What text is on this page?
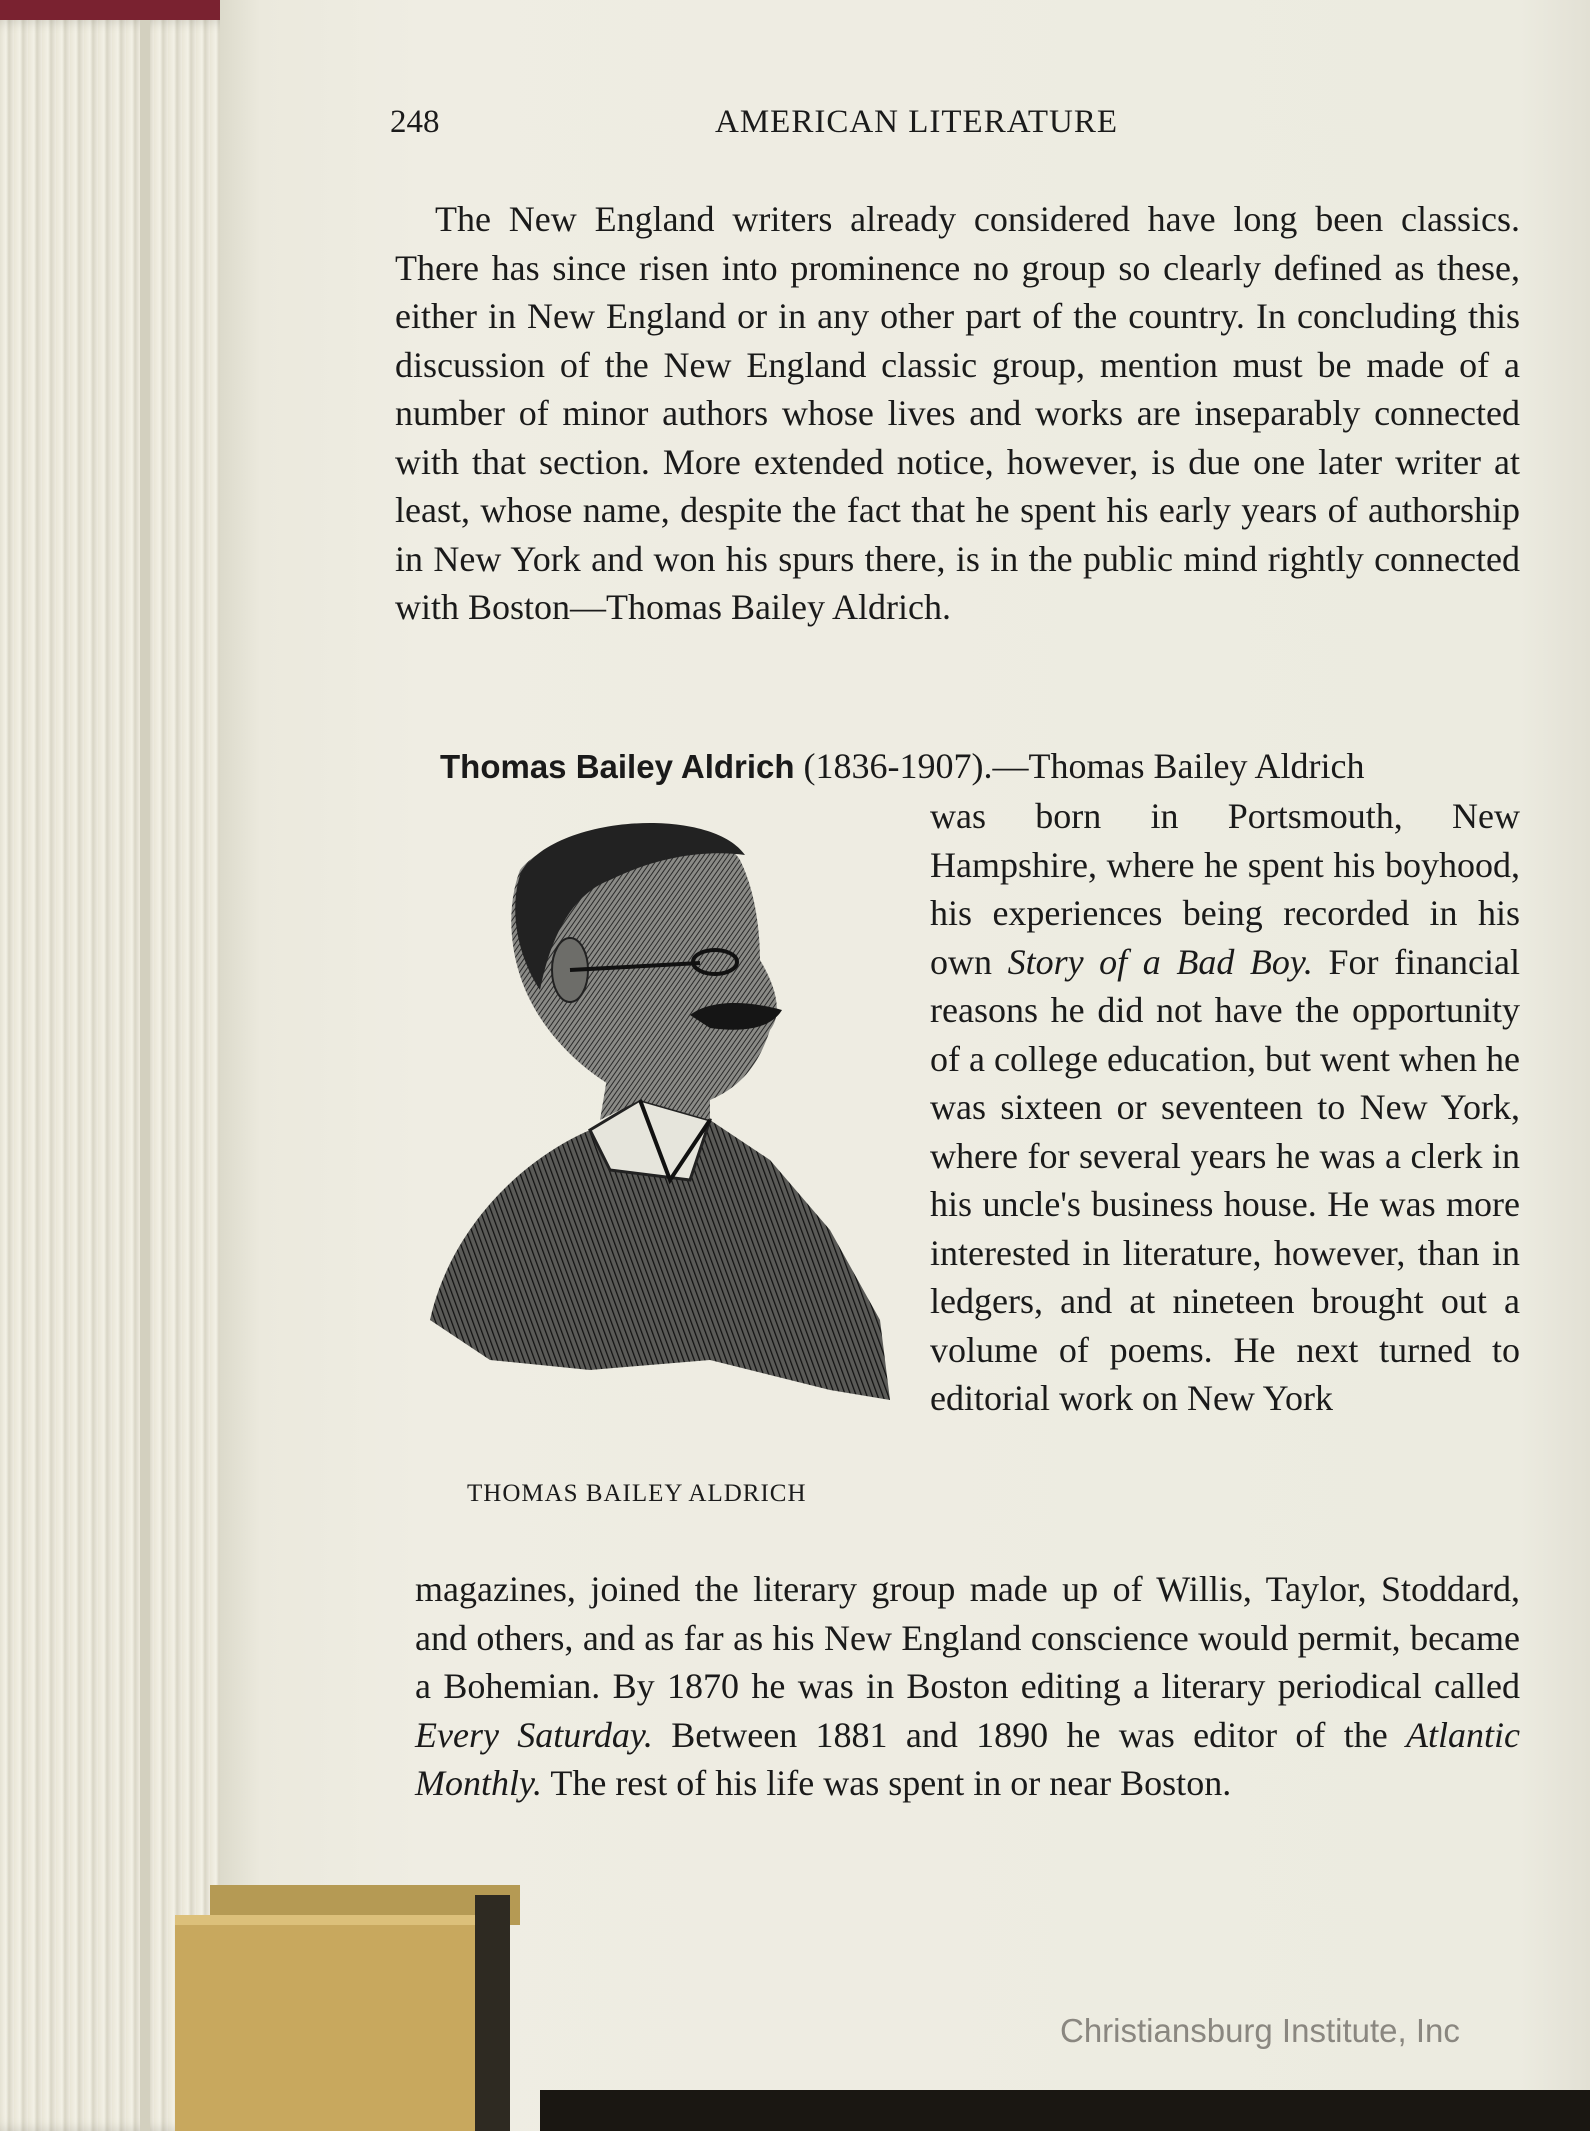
248	AMERICAN LITERATURE

The New England writers already considered have long been classics. There has since risen into prominence no group so clearly defined as these, either in New England or in any other part of the country. In concluding this discussion of the New England classic group, mention must be made of a number of minor authors whose lives and works are inseparably connected with that section. More extended notice, however, is due one later writer at least, whose name, despite the fact that he spent his early years of authorship in New York and won his spurs there, is in the public mind rightly connected with Boston—Thomas Bailey Aldrich.

Thomas Bailey Aldrich (1836-1907).—Thomas Bailey Aldrich

THOMAS BAILEY ALDRICH

was born in Portsmouth, New Hampshire, where he spent his boyhood, his experiences being recorded in his own Story of a Bad Boy. For financial reasons he did not have the opportunity of a college education, but went when he was sixteen or seventeen to New York, where for several years he was a clerk in his uncle's business house. He was more interested in literature, however, than in ledgers, and at nineteen brought out a volume of poems. He next turned to editorial work on New York

magazines, joined the literary group made up of Willis, Taylor, Stoddard, and others, and as far as his New England conscience would permit, became a Bohemian. By 1870 he was in Boston editing a literary periodical called Every Saturday. Between 1881 and 1890 he was editor of the Atlantic Monthly. The rest of his life was spent in or near Boston.

Christiansburg Institute, Inc
